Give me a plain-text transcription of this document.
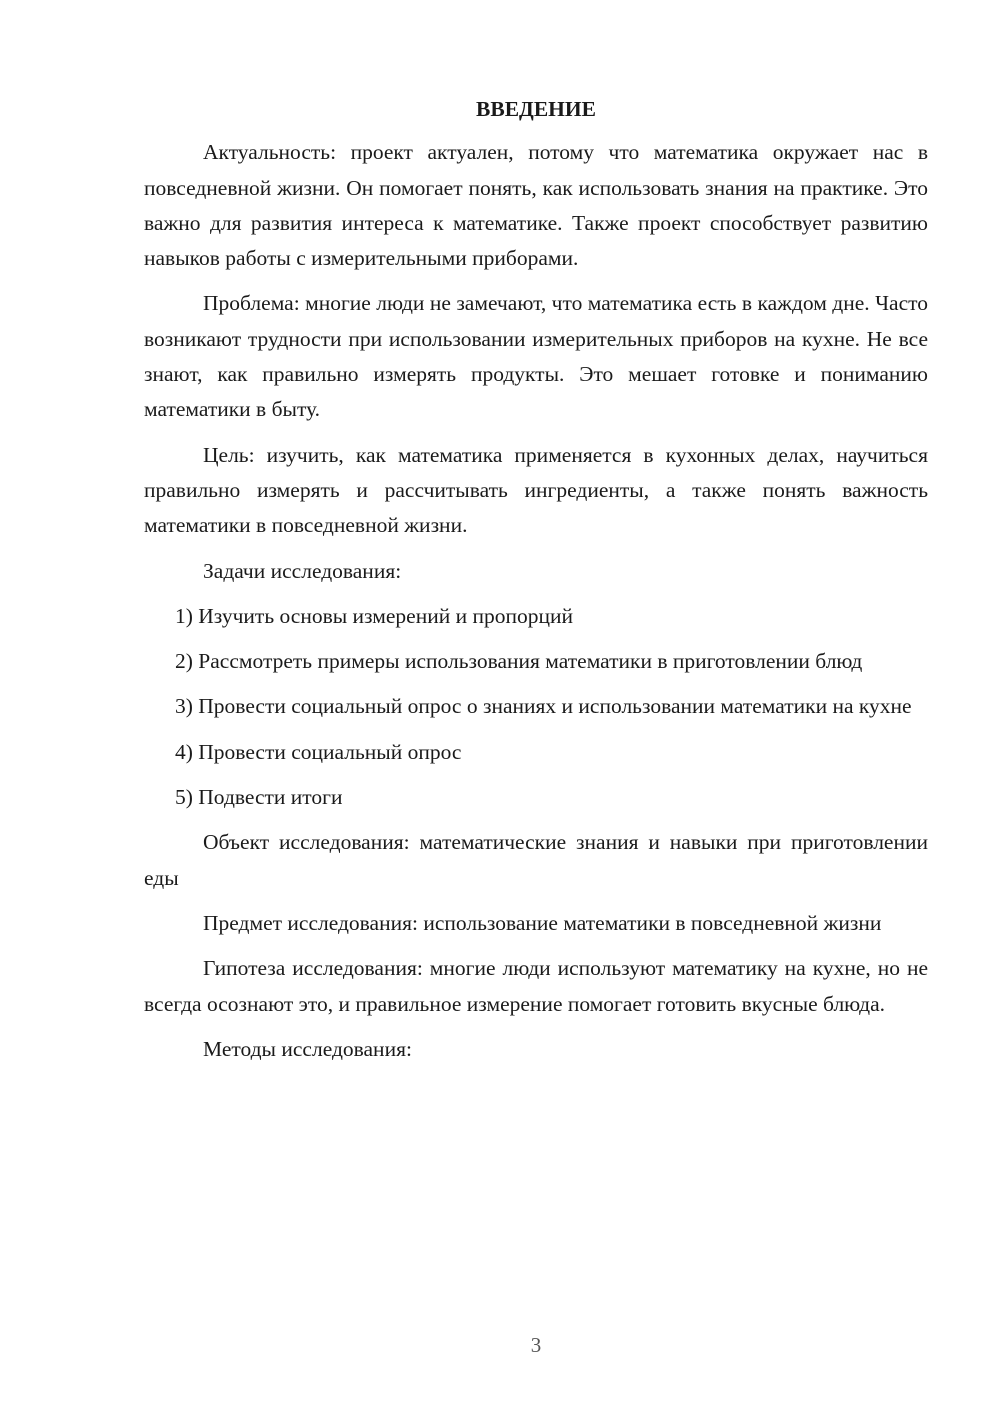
ВВЕДЕНИЕ

Актуальность: проект актуален, потому что математика окружает нас в повседневной жизни. Он помогает понять, как использовать знания на практике. Это важно для развития интереса к математике. Также проект способствует развитию навыков работы с измерительными приборами.

Проблема: многие люди не замечают, что математика есть в каждом дне. Часто возникают трудности при использовании измерительных приборов на кухне. Не все знают, как правильно измерять продукты. Это мешает готовке и пониманию математики в быту.

Цель: изучить, как математика применяется в кухонных делах, научиться правильно измерять и рассчитывать ингредиенты, а также понять важность математики в повседневной жизни.

Задачи исследования:

1) Изучить основы измерений и пропорций

2) Рассмотреть примеры использования математики в приготовлении блюд

3) Провести социальный опрос о знаниях и использовании математики на кухне

4) Провести социальный опрос

5) Подвести итоги

Объект исследования: математические знания и навыки при приготовлении еды

Предмет исследования: использование математики в повседневной жизни

Гипотеза исследования: многие люди используют математику на кухне, но не всегда осознают это, и правильное измерение помогает готовить вкусные блюда.

Методы исследования:

3
